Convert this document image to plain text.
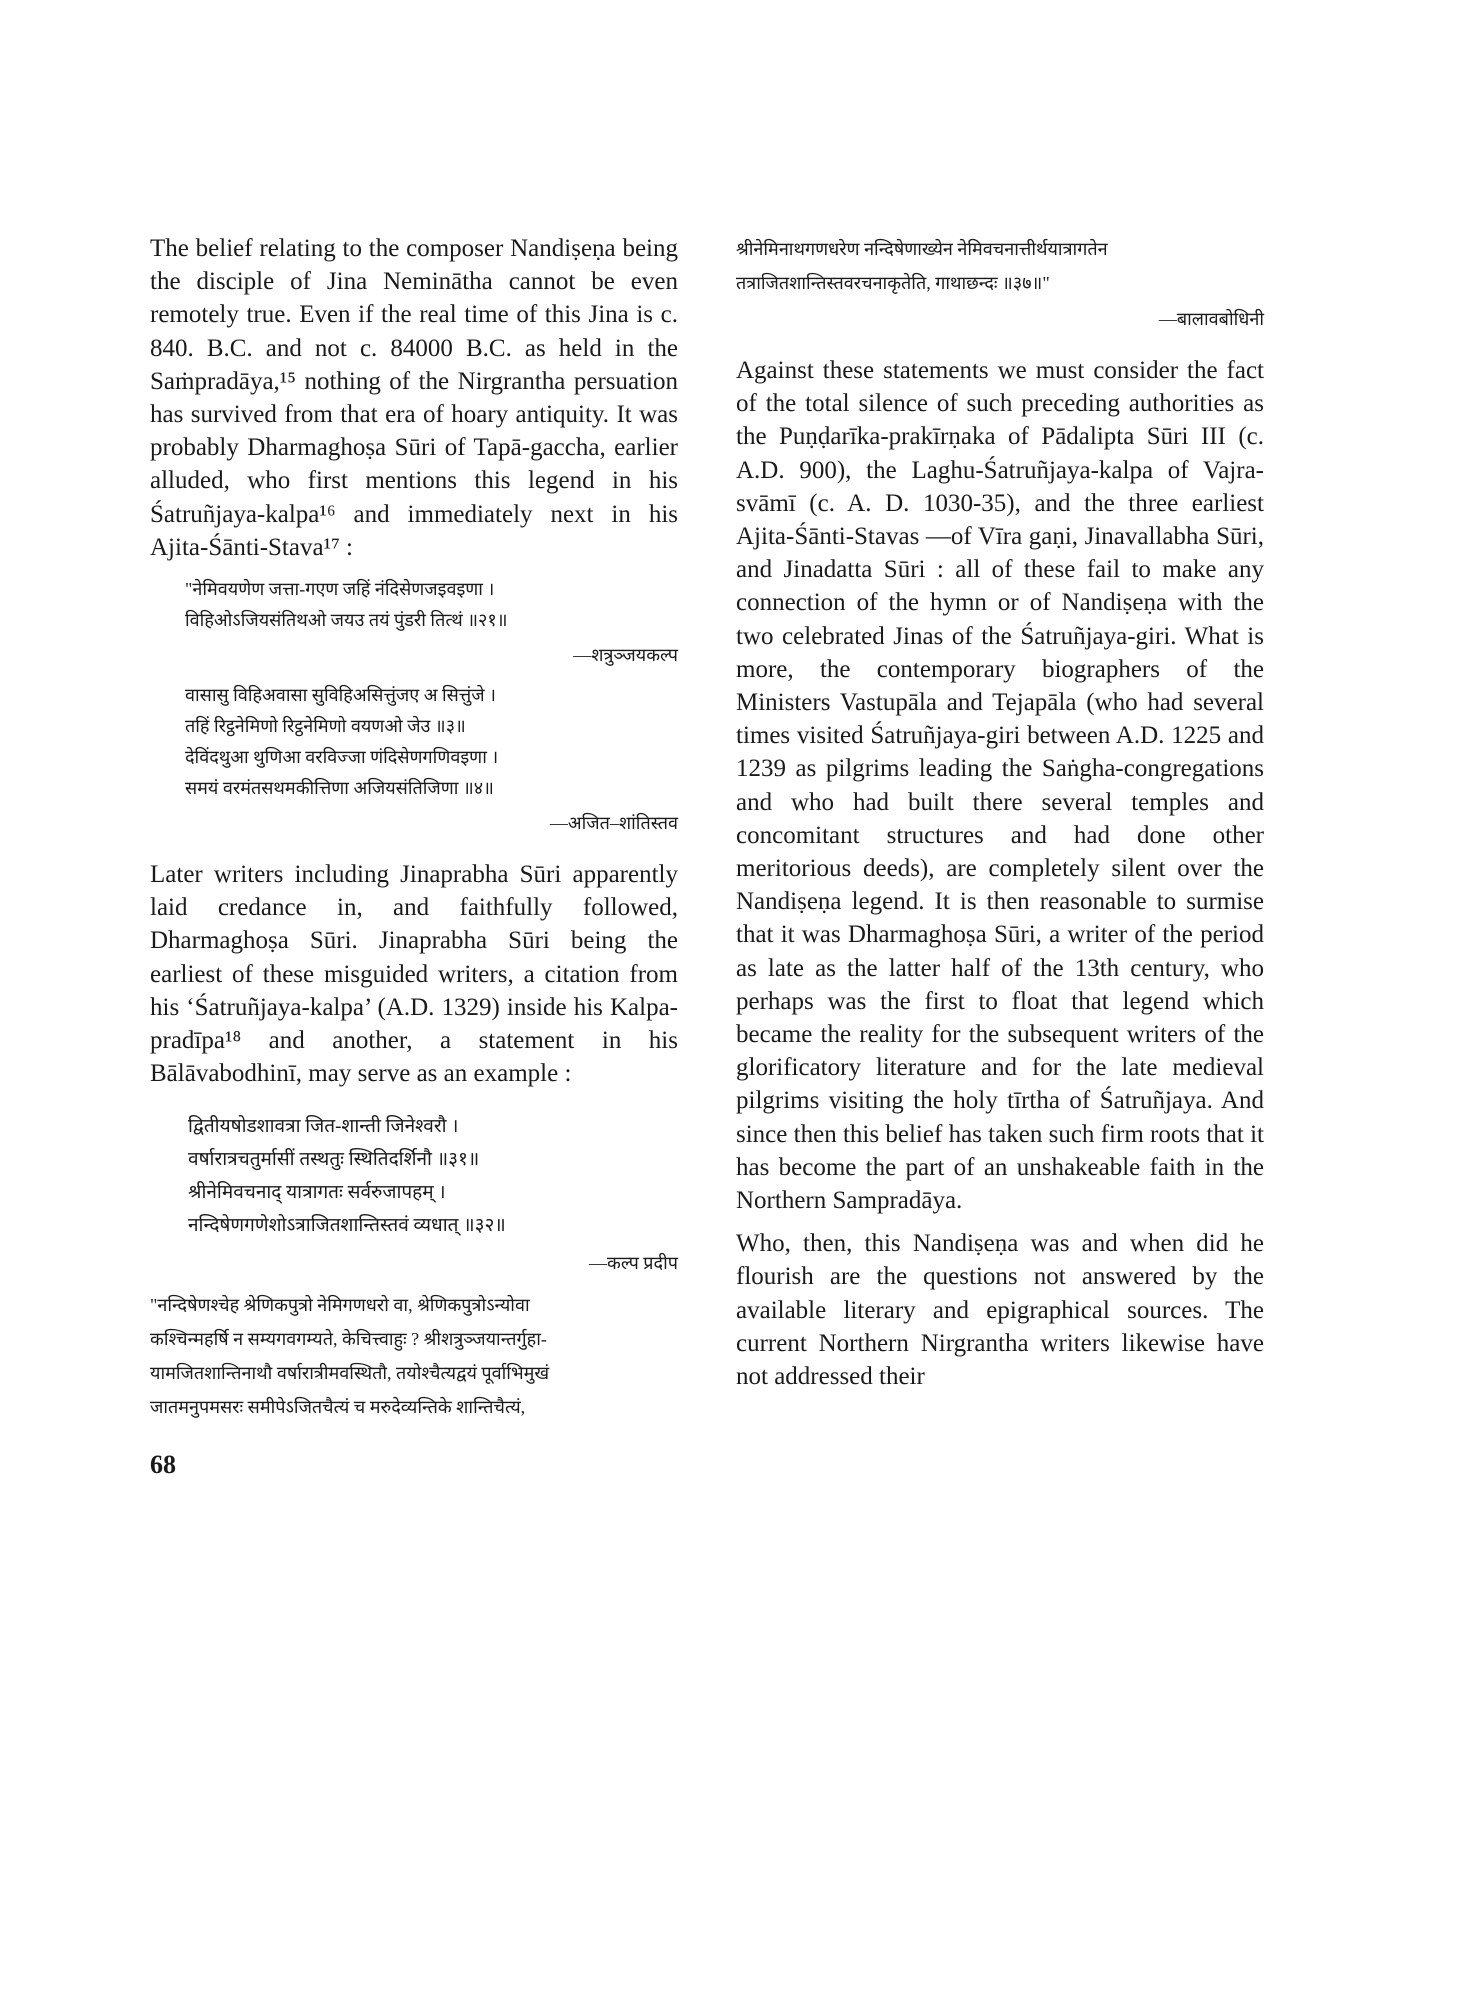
The belief relating to the composer Nandiṣeṇa being the disciple of Jina Neminātha cannot be even remotely true. Even if the real time of this Jina is c. 840. B.C. and not c. 84000 B.C. as held in the Saṁpradāya,¹⁵ nothing of the Nirgrantha persuation has survived from that era of hoary antiquity. It was probably Dharmaghoṣa Sūri of Tapā-gaccha, earlier alluded, who first mentions this legend in his Śatruñjaya-kalpa¹⁶ and immediately next in his Ajita-Śānti-Stava¹⁷ :

"नेमिवयणेण जत्ता-गएण जहिं नंदिसेणजइवइणा ।
विहिओऽजियसंतिथओ जयउ तयं पुंडरी तित्थं ॥२१॥
—शत्रुञ्जयकल्प
वासासु विहिअवासा सुविहिअसित्तुंजए अ सित्तुंजे ।
तहिं रिट्ठनेमिणो रिट्ठनेमिणो वयणओ जेउ ॥३॥
देविंदथुआ थुणिआ वरविज्जा णंदिसेणगणिवइणा ।
समयं वरमंतसथमकीत्तिणा अजियसंतिजिणा ॥४॥
—अजित–शांतिस्तव

Later writers including Jinaprabha Sūri apparently laid credance in, and faithfully followed, Dharmaghoṣa Sūri. Jinaprabha Sūri being the earliest of these misguided writers, a citation from his ‘Śatruñjaya-kalpa’ (A.D. 1329) inside his Kalpa-pradīpa¹⁸ and another, a statement in his Bālāvabodhinī, may serve as an example :

द्वितीयषोडशावत्रा जित-शान्ती जिनेश्वरौ ।
वर्षारात्रचतुर्मासीं तस्थतुः स्थितिदर्शिनौ ॥३१॥
श्रीनेमिवचनाद् यात्रागतः सर्वरुजापहम् ।
नन्दिषेणगणेशोऽत्राजितशान्तिस्तवं व्यधात् ॥३२॥
—कल्प प्रदीप
"नन्दिषेणश्चेह श्रेणिकपुत्रो नेमिगणधरो वा, श्रेणिकपुत्रोऽन्योवा
कश्चिन्महर्षि न सम्यगवगम्यते, केचित्त्वाहुः ? श्रीशत्रुञ्जयान्तर्गुहा-
यामजितशान्तिनाथौ वर्षारात्रीमवस्थितौ, तयोश्चैत्यद्वयं पूर्वाभिमुखं
जातमनुपमसरः समीपेऽजितचैत्यं च मरुदेव्यन्तिके शान्तिचैत्यं,
श्रीनेमिनाथगणधरेण नन्दिषेणाख्येन नेमिवचनात्तीर्थयात्रागतेन
तत्राजितशान्तिस्तवरचनाकृतेति, गाथाछन्दः ॥३७॥"
—बालावबोधिनी

Against these statements we must consider the fact of the total silence of such preceding authorities as the Puṇḍarīka-prakīrṇaka of Pādalipta Sūri III (c. A.D. 900), the Laghu-Śatruñjaya-kalpa of Vajra-svāmī (c. A. D. 1030-35), and the three earliest Ajita-Śānti-Stavas —of Vīra gaṇi, Jinavallabha Sūri, and Jinadatta Sūri : all of these fail to make any connection of the hymn or of Nandiṣeṇa with the two celebrated Jinas of the Śatruñjaya-giri. What is more, the contemporary biographers of the Ministers Vastupāla and Tejapāla (who had several times visited Śatruñjaya-giri between A.D. 1225 and 1239 as pilgrims leading the Saṅgha-congregations and who had built there several temples and concomitant structures and had done other meritorious deeds), are completely silent over the Nandiṣeṇa legend. It is then reasonable to surmise that it was Dharmaghoṣa Sūri, a writer of the period as late as the latter half of the 13th century, who perhaps was the first to float that legend which became the reality for the subsequent writers of the glorificatory literature and for the late medieval pilgrims visiting the holy tīrtha of Śatruñjaya. And since then this belief has taken such firm roots that it has become the part of an unshakeable faith in the Northern Sampradāya.

Who, then, this Nandiṣeṇa was and when did he flourish are the questions not answered by the available literary and epigraphical sources. The current Northern Nirgrantha writers likewise have not addressed their

68
